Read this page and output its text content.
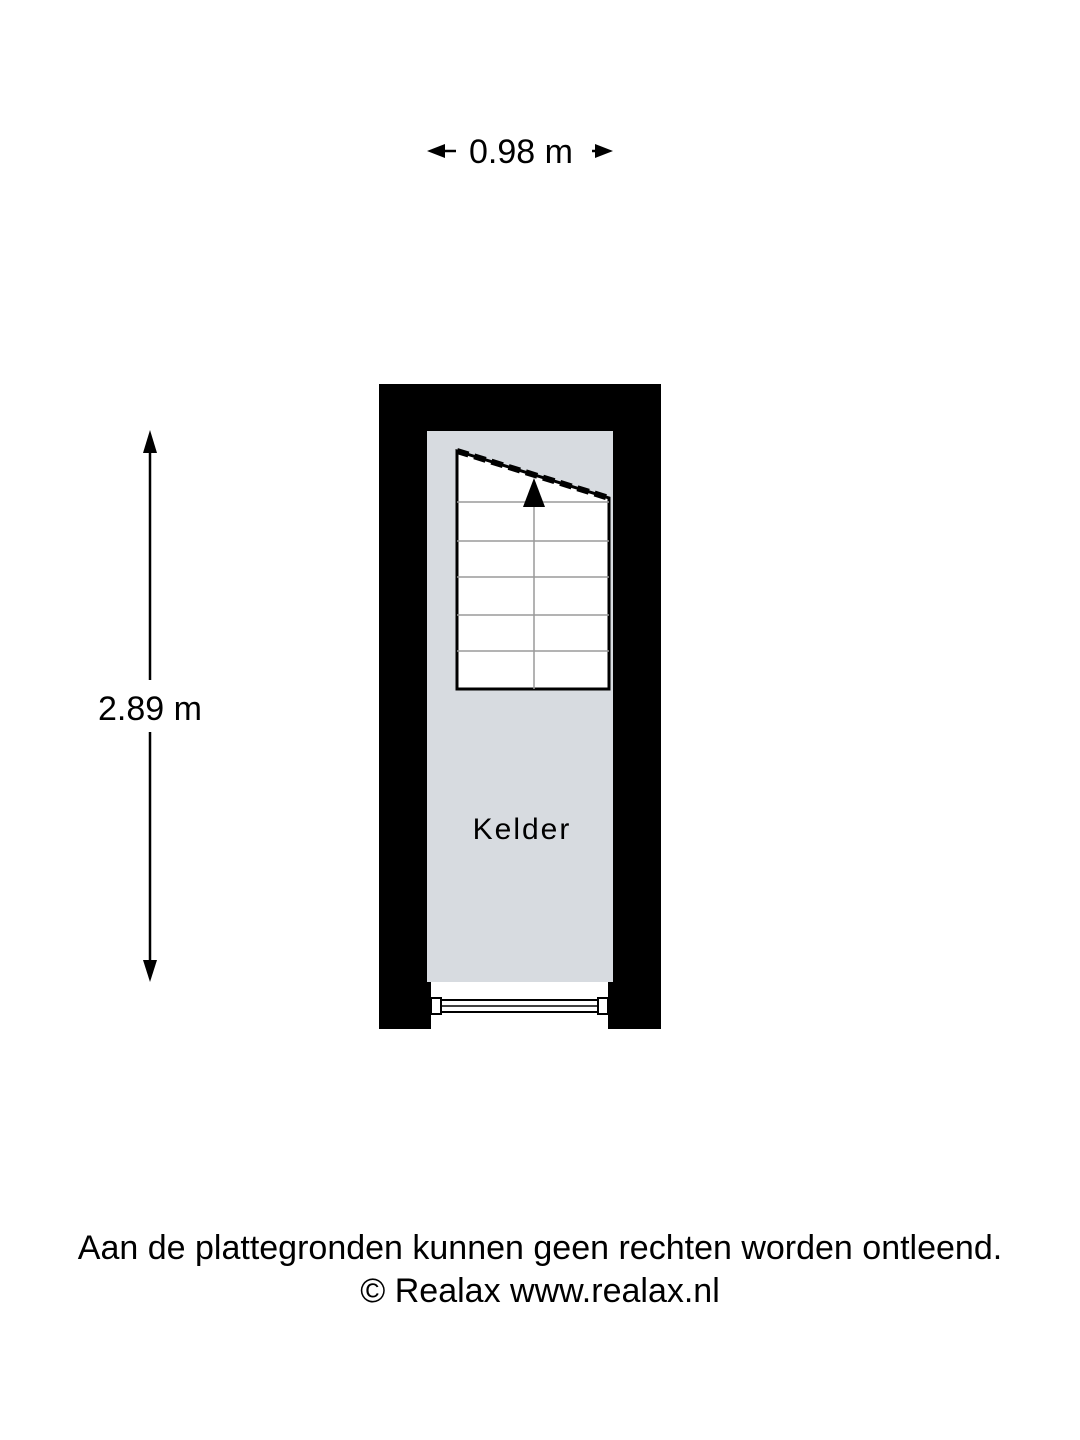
0.98 m
2.89 m
Kelder
Aan de plattegronden kunnen geen rechten worden ontleend.
© Realax www.realax.nl
